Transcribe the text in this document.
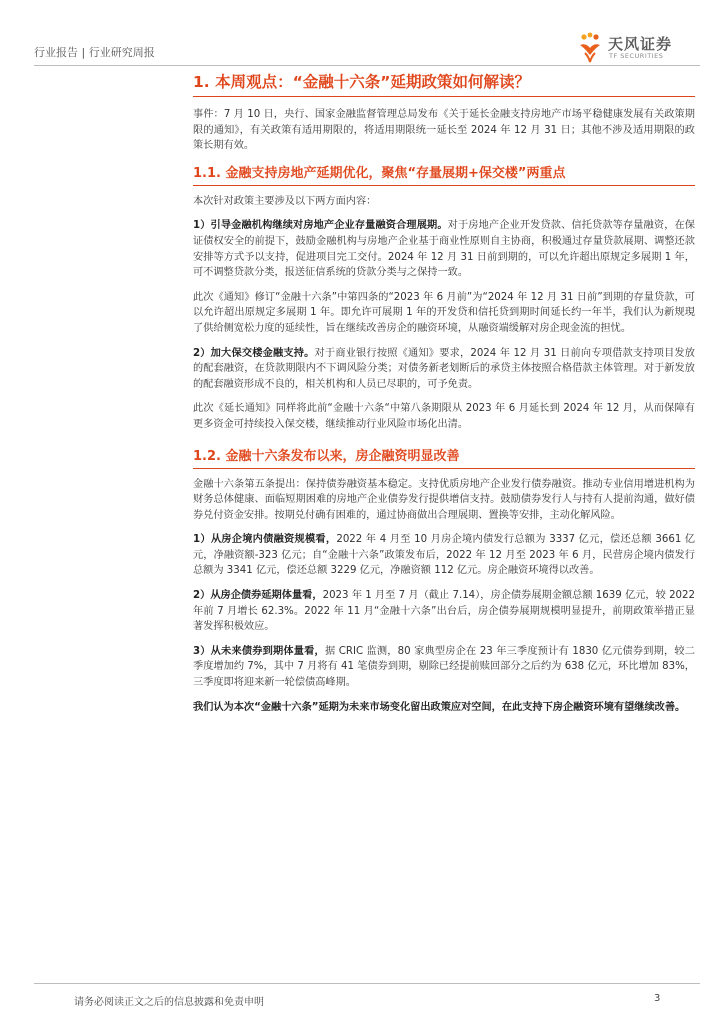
行业报告 | 行业研究周报	天风证券
TF SECURITIES
1. 本周观点：“金融十六条”延期政策如何解读？

事件：7 月 10 日，央行、国家金融监督管理总局发布《关于延长金融支持房地产市场平稳健康发展有关政策期限的通知》，有关政策有适用期限的，将适用期限统一延长至 2024 年 12 月 31 日；其他不涉及适用期限的政策长期有效。

1.1. 金融支持房地产延期优化，聚焦“存量展期+保交楼”两重点

本次针对政策主要涉及以下两方面内容：

1）引导金融机构继续对房地产企业存量融资合理展期。对于房地产企业开发贷款、信托贷款等存量融资，在保证债权安全的前提下，鼓励金融机构与房地产企业基于商业性原则自主协商，积极通过存量贷款展期、调整还款安排等方式予以支持，促进项目完工交付。2024 年 12 月 31 日前到期的，可以允许超出原规定多展期 1 年，可不调整贷款分类，报送征信系统的贷款分类与之保持一致。

此次《通知》修订“金融十六条”中第四条的“2023 年 6 月前”为“2024 年 12 月 31 日前”到期的存量贷款，可以允许超出原规定多展期 1 年。即允许可展期 1 年的开发贷和信托贷到期时间延长约一年半，我们认为新规現了供给侧宽松力度的延续性，旨在继续改善房企的融资环境，从融资端缓解对房企现金流的担忧。

2）加大保交楼金融支持。对于商业银行按照《通知》要求，2024 年 12 月 31 日前向专项借款支持项目发放的配套融资，在贷款期限内不下调风险分类；对债务新老划断后的承贷主体按照合格借款主体管理。对于新发放的配套融资形成不良的，相关机构和人员已尽职的，可予免责。

此次《延长通知》同样将此前“金融十六条“中第八条期限从 2023 年 6 月延长到 2024 年 12 月，从而保障有更多资金可持续投入保交楼，继续推动行业风险市场化出清。

1.2. 金融十六条发布以来，房企融资明显改善

金融十六条第五条提出：保持债券融资基本稳定。支持优质房地产企业发行债券融资。推动专业信用增进机构为财务总体健康、面临短期困难的房地产企业债券发行提供增信支持。鼓励债券发行人与持有人提前沟通，做好债券兑付资金安排。按期兑付确有困难的，通过协商做出合理展期、置换等安排，主动化解风险。

1）从房企境内债融资规模看，2022 年 4 月至 10 月房企境内债发行总额为 3337 亿元，偿还总额 3661 亿元，净融资额-323 亿元；自“金融十六条”政策发布后，2022 年 12 月至 2023 年 6 月，民营房企境内债发行总额为 3341 亿元，偿还总额 3229 亿元，净融资额 112 亿元。房企融资环境得以改善。

2）从房企债券延期体量看，2023 年 1 月至 7 月（截止 7.14），房企债券展期金额总额 1639 亿元，较 2022 年前 7 月增长 62.3%。2022 年 11 月“金融十六条”出台后，房企债券展期规模明显提升，前期政策举措正显著发挥积极效应。

3）从未来债券到期体量看，据 CRIC 监测，80 家典型房企在 23 年三季度预计有 1830 亿元债券到期，较二季度增加约 7%，其中 7 月将有 41 笔债券到期，剔除已经提前赎回部分之后约为 638 亿元，环比增加 83%，三季度即将迎来新一轮偿债高峰期。

我们认为本次“金融十六条”延期为未来市场变化留出政策应对空间，在此支持下房企融资环境有望继续改善。

请务必阅读正文之后的信息披露和免责申明	3
